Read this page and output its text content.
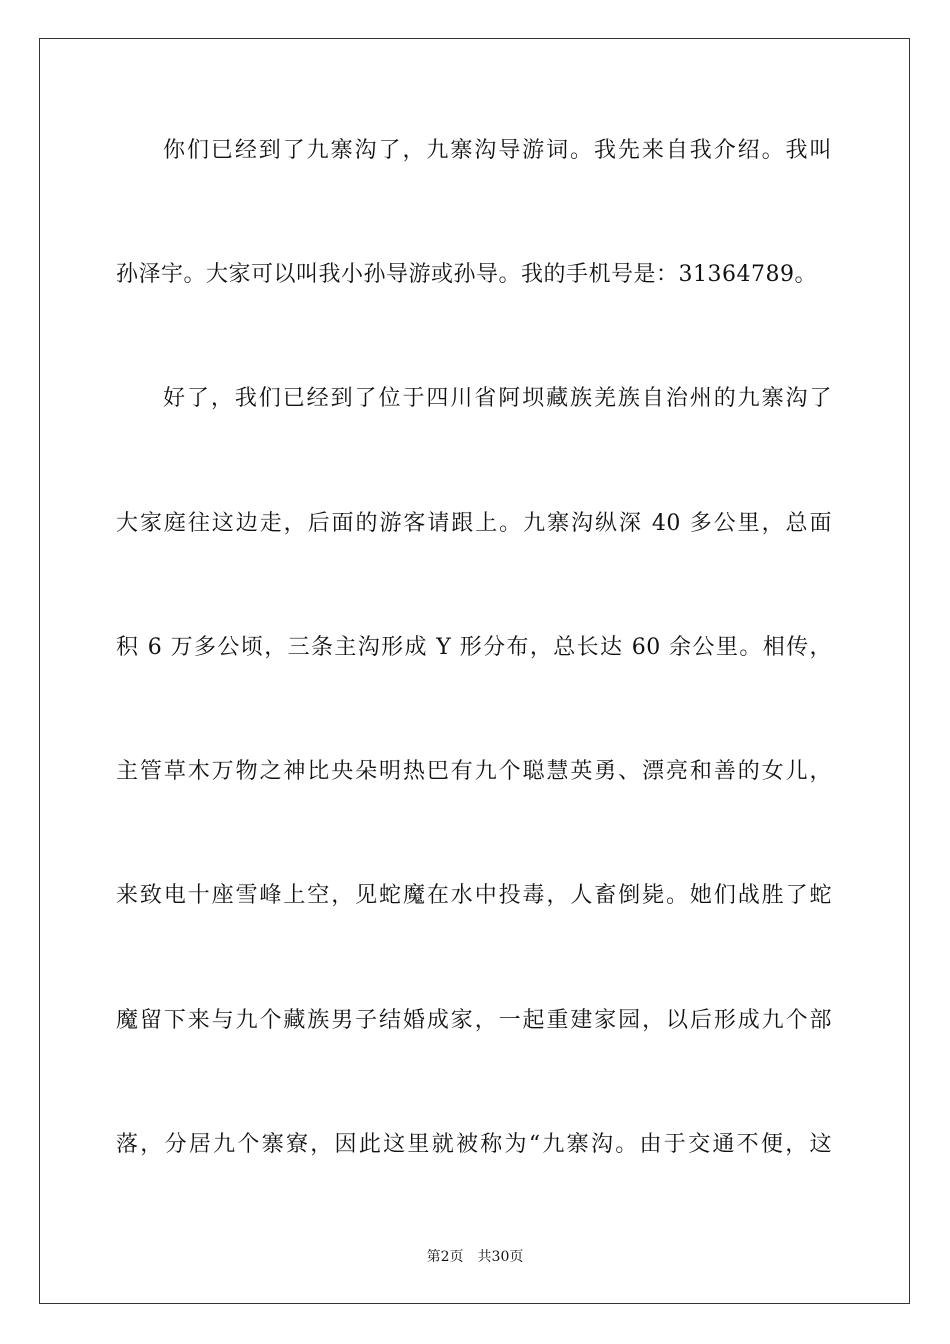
你们已经到了九寨沟了，九寨沟导游词。我先来自我介绍。我叫
孙泽宇。大家可以叫我小孙导游或孙导。我的手机号是：31364789。
好了，我们已经到了位于四川省阿坝藏族羌族自治州的九寨沟了
大家庭往这边走，后面的游客请跟上。九寨沟纵深 40 多公里，总面
积 6 万多公顷，三条主沟形成 Y 形分布，总长达 60 余公里。相传，
主管草木万物之神比央朵明热巴有九个聪慧英勇、漂亮和善的女儿，
来致电十座雪峰上空，见蛇魔在水中投毒，人畜倒毙。她们战胜了蛇
魔留下来与九个藏族男子结婚成家，一起重建家园，以后形成九个部
落，分居九个寨寮，因此这里就被称为“九寨沟。由于交通不便，这
第2页 共30页
